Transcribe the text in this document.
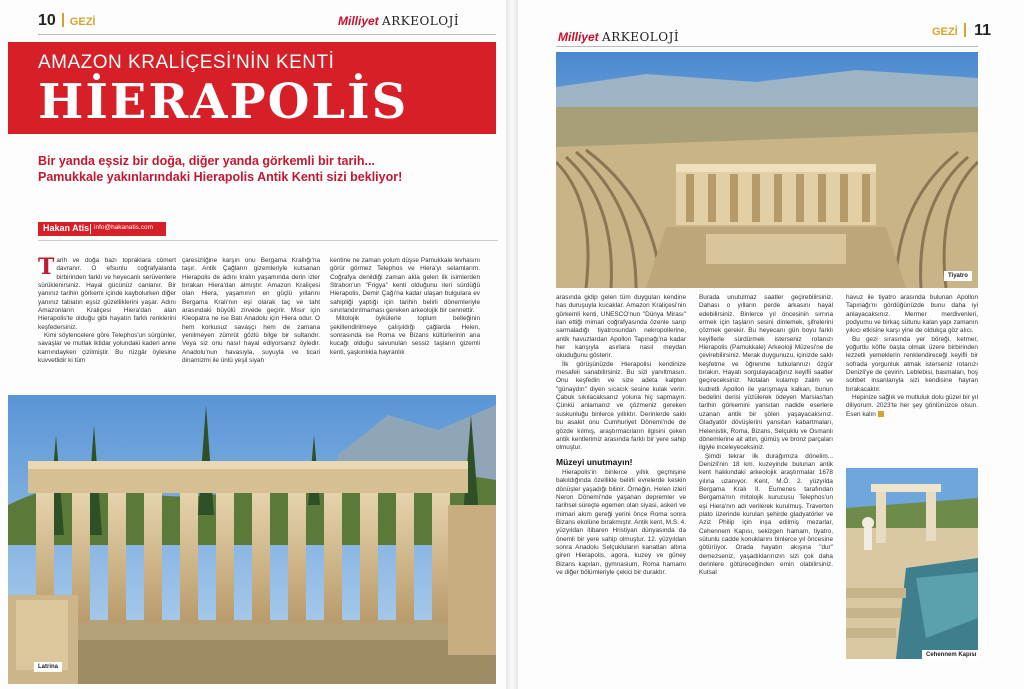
10 GEZİ	Milliyet ARKEOLOJİ
AMAZON KRALİÇESİ'NİN KENTİ
HİERAPOLİS
Bir yanda eşsiz bir doğa, diğer yanda görkemli bir tarih...
Pamukkale yakınlarındaki Hierapolis Antik Kenti sizi bekliyor!
Hakan Atis info@hakanatis.com
T arih ve doğa bazı topraklara cömert davranır. O efsunlu coğrafyalarda birbirinden farklı ve heyecanlı serüvenlere sürüklenirsiniz. Hayal gücünüz canlanır. Bir yanınız tarihin görkemi içinde kaybolurken diğer yanınız tabiatın eşsiz güzelliklerini yaşar. Adını Amazonların Kraliçesi Hiera'dan alan Hierapolis'te olduğu gibi hayatın farklı renklerini keşfedersiniz.

Kimi söylencelere göre Telephos'un sürgünler, savaşlar ve mutlak iktidar yolundaki kaderi anne karnındayken çizilmiştir. Bu rüzgâr öylesine kuvvetlidir ki tüm

çaresizliğine karşın onu Bergama Krallığı'na taşır. Antik Çağların gizemleriyle kutsanan Hierapolis de adını kralın yaşamında derin izler bırakan Hiera'dan almıştır. Amazon Kraliçesi olan Hiera, yaşamının en güçlü yıllarını Bergama Kralı'nın eşi olarak taç ve taht arasındaki büyülü zirvede geçirir. Mısır için Kleopatra ne ise Batı Anadolu için Hiera odur. O hem korkusuz savaşçı hem de zamana yenilmeyen zümrüt gözlü bilge bir sultandır. Veya siz onu nasıl hayal ediyorsanız öyledir. Anadolu'nun havasıyla, suyuyla ve ticari dinamizmi ile ünlü yeşil siyah

kentine ne zaman yolum düşse Pamukkale levhasını görür görmez Telephos ve Hiera'yı selamlarım. Coğrafya denildiği zaman akla gelen ilk isimlerden Strabon'un "Frigya" kenti olduğunu ileri sürdüğü Hierapolis, Demir Çağı'na kadar ulaşan bulgulara ev sahipliği yaptığı için tarihin belirli dönemleriyle sınırlandırılmaması gereken arkeolojik bir cennettir.

Mitolojik öykülerle toplum belleğinin şekillendirilmeye çalışıldığı çağlarda Helen, sonrasında ise Roma ve Bizans kültürlerinin ana kucağı olduğu savunulan sessiz taşların gizemli kenti, şaşkınlıkla hayranlık

Latrina
Milliyet ARKEOLOJİ	GEZİ 11
Tiyatro

arasında gidip gelen tüm duyguları kendine has duruşuyla kucaklar. Amazon Kraliçesi'nin görkemli kenti, UNESCO'nun "Dünya Mirası" ilan ettiği mimari coğrafyasında özenle sarıp sarmaladığı tiyatrosundan nekropollerine, antik havuzlardan Apollon Tapınağı'na kadar her kanşıyla asırlara nasıl meydan okuduğunu gösterir.

İlk görüşünüzde Hierapolisi kendinize mesafeli sanabilirsiniz. Bu sizi yanıltmasın. Onu keşfedin ve size adeta kalpten "günaydın" diyen sıcacık sesine kulak verin. Çabuk sıkılacaksanız yoluna hiç sapmayın. Çünkü anlamanız ve çözmeniz gereken suskunluğu binlerce yıllıktır. Derinlerde saklı bu asalet onu Cumhuriyet Dönemi'nde de gözde kılmış, araştırmacıların ilgisini çeken antik kentlerimiz arasında farklı bir yere sahip olmuştur.

Müzeyi unutmayın!

Hierapolis'in binlerce yıllık geçmişine bakıldığında özellikle belirli evrelerde keskin dönüşler yaşadığı bilinir. Örneğin, Helen izleri Neron Dönemi'nde yaşanan depremler ve tarihsel süreçte egemen olan siyasi, askeri ve mimari akım gereği yerini önce Roma sonra Bizans ekolüne bırakmıştır. Antik kent, M.S. 4. yüzyıldan itibaren Hristiyan dünyasında da önemli bir yere sahip olmuştur. 12. yüzyıldan sonra Anadolu Selçukluların kanatları altına giren Hierapolis, agora, kuzey ve güney Bizans kapıları, gymnasium, Roma hamamı ve diğer bölümleriyle çekici bir duraktır.

Burada unutulmaz saatler geçirebilirsiniz. Dahası o yılların perde arkasını hayal edebilirsiniz. Binlerce yıl öncesinin sırrına ermek için taşların sesini dinlemek, şifrelerini çözmek gerekir. Bu heyecanı gün boyu farklı keyiflerle sürdürmek isterseniz rotanızı Hierapolis (Pamukkale) Arkeoloji Müzesi'ne de çevirebilirsiniz. Merak duygunuzu, içinizde saklı keşfetme ve öğrenme tutkulannızı özgür bırakın. Hayatı sorgulayacağınız keyifli saatler geçireceksiniz. Notaları kulamıp zalim ve kudretli Apollon ile yarışmaya kalkan, bunun bedelini derisi yüzülerek ödeyen Marsias'tan tarihin görkemini yansıtan nadide eserlere uzanan antik bir şölen yaşayacaksınız. Gladyatör dövüşlerini yansıtan kabartmaları, Helenistik, Roma, Bizans, Selçuklu ve Osmanlı dönemlerine ait altın, gümüş ve bronz parçaları ilgiyle inceleyeceksiniz.

Şimdi tekrar ilk durağımıza dönelim... Denizli'nin 18 km. kuzeyinde bulunan antik kent hakkındaki arkeolojik araştırmalar 1678 yılına uzanıyor. Kent, M.Ö. 2. yüzyılda Bergama Kralı II. Eumenes tarafından Bergama'nın mitolojik kurucusu Telephos'un eşi Hiera'nın adı verilerek kurulmuş. Traverten plato üzerinde kurulan şehirde gladyatörler ve Aziz Philip için inşa edilmiş mezarlar, Cehennem Kapısı, sekizgen hamam, tiyatro, sütunlu cadde konuklarını binlerce yıl öncesine götürüyor. Orada hayatın akışına "dur" demezseniz, yaşadıklarınızın sizi çok daha derinlere götüreceğinden emin olabilirsiniz. Kutsal

havuz ile tiyatro arasında bulunan Apollon Tapınağı'nı gördüğünüzde bunu daha iyi anlayacaksınız. Mermer merdivenleri, podyumu ve birkaç sütunu kalan yapı zamanın yıkıcı etkisine karşı yine de oldukça göz alıcı.

Bu gezi sırasında yer böreği, ketmer, yoğurtlu köfte başta olmak üzere birbirinden lezzetli yemeklerin renklendireceği keyifli bir sofrada yorgunluk atmak isterseniz rotanızı Denizli'ye de çevirin. Leblebisi, basmaları, hoş sohbet insanlarıyla sizi kendisine hayran bırakacaktır.

Hepinize sağlık ve mutluluk dolu güzel bir yıl diliyorum. 2023'te her şey gönlünüzce olsun. Esen kalın

Cehennem Kapısı
